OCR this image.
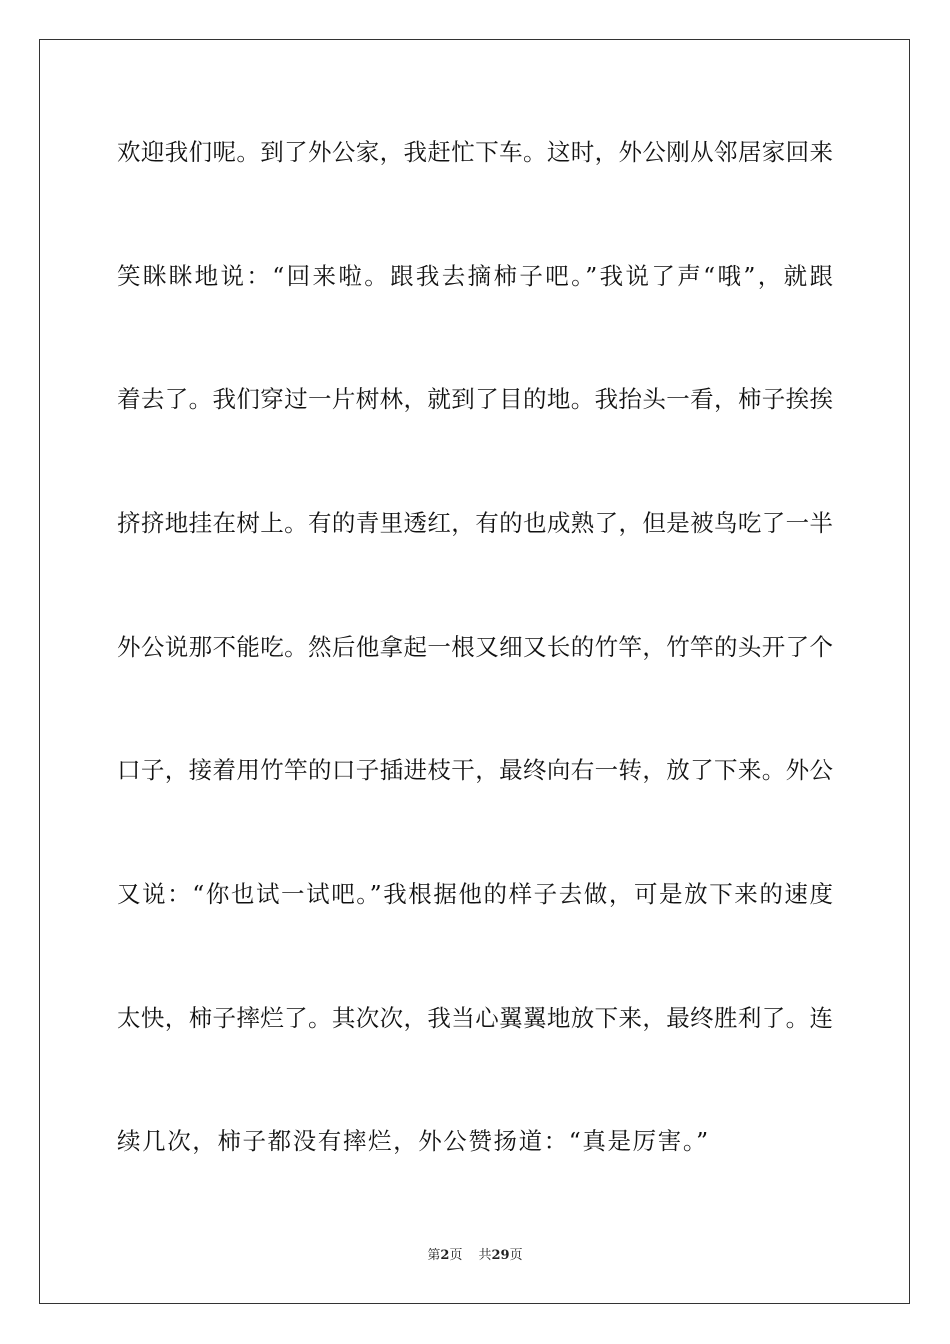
欢迎我们呢。到了外公家，我赶忙下车。这时，外公刚从邻居家回来
笑眯眯地说：“回来啦。跟我去摘柿子吧。”我说了声“哦”，就跟
着去了。我们穿过一片树林，就到了目的地。我抬头一看，柿子挨挨
挤挤地挂在树上。有的青里透红，有的也成熟了，但是被鸟吃了一半
外公说那不能吃。然后他拿起一根又细又长的竹竿，竹竿的头开了个
口子，接着用竹竿的口子插进枝干，最终向右一转，放了下来。外公
又说：“你也试一试吧。”我根据他的样子去做，可是放下来的速度
太快，柿子摔烂了。其次次，我当心翼翼地放下来，最终胜利了。连
续几次，柿子都没有摔烂，外公赞扬道：“真是厉害。”
第2页 共29页
